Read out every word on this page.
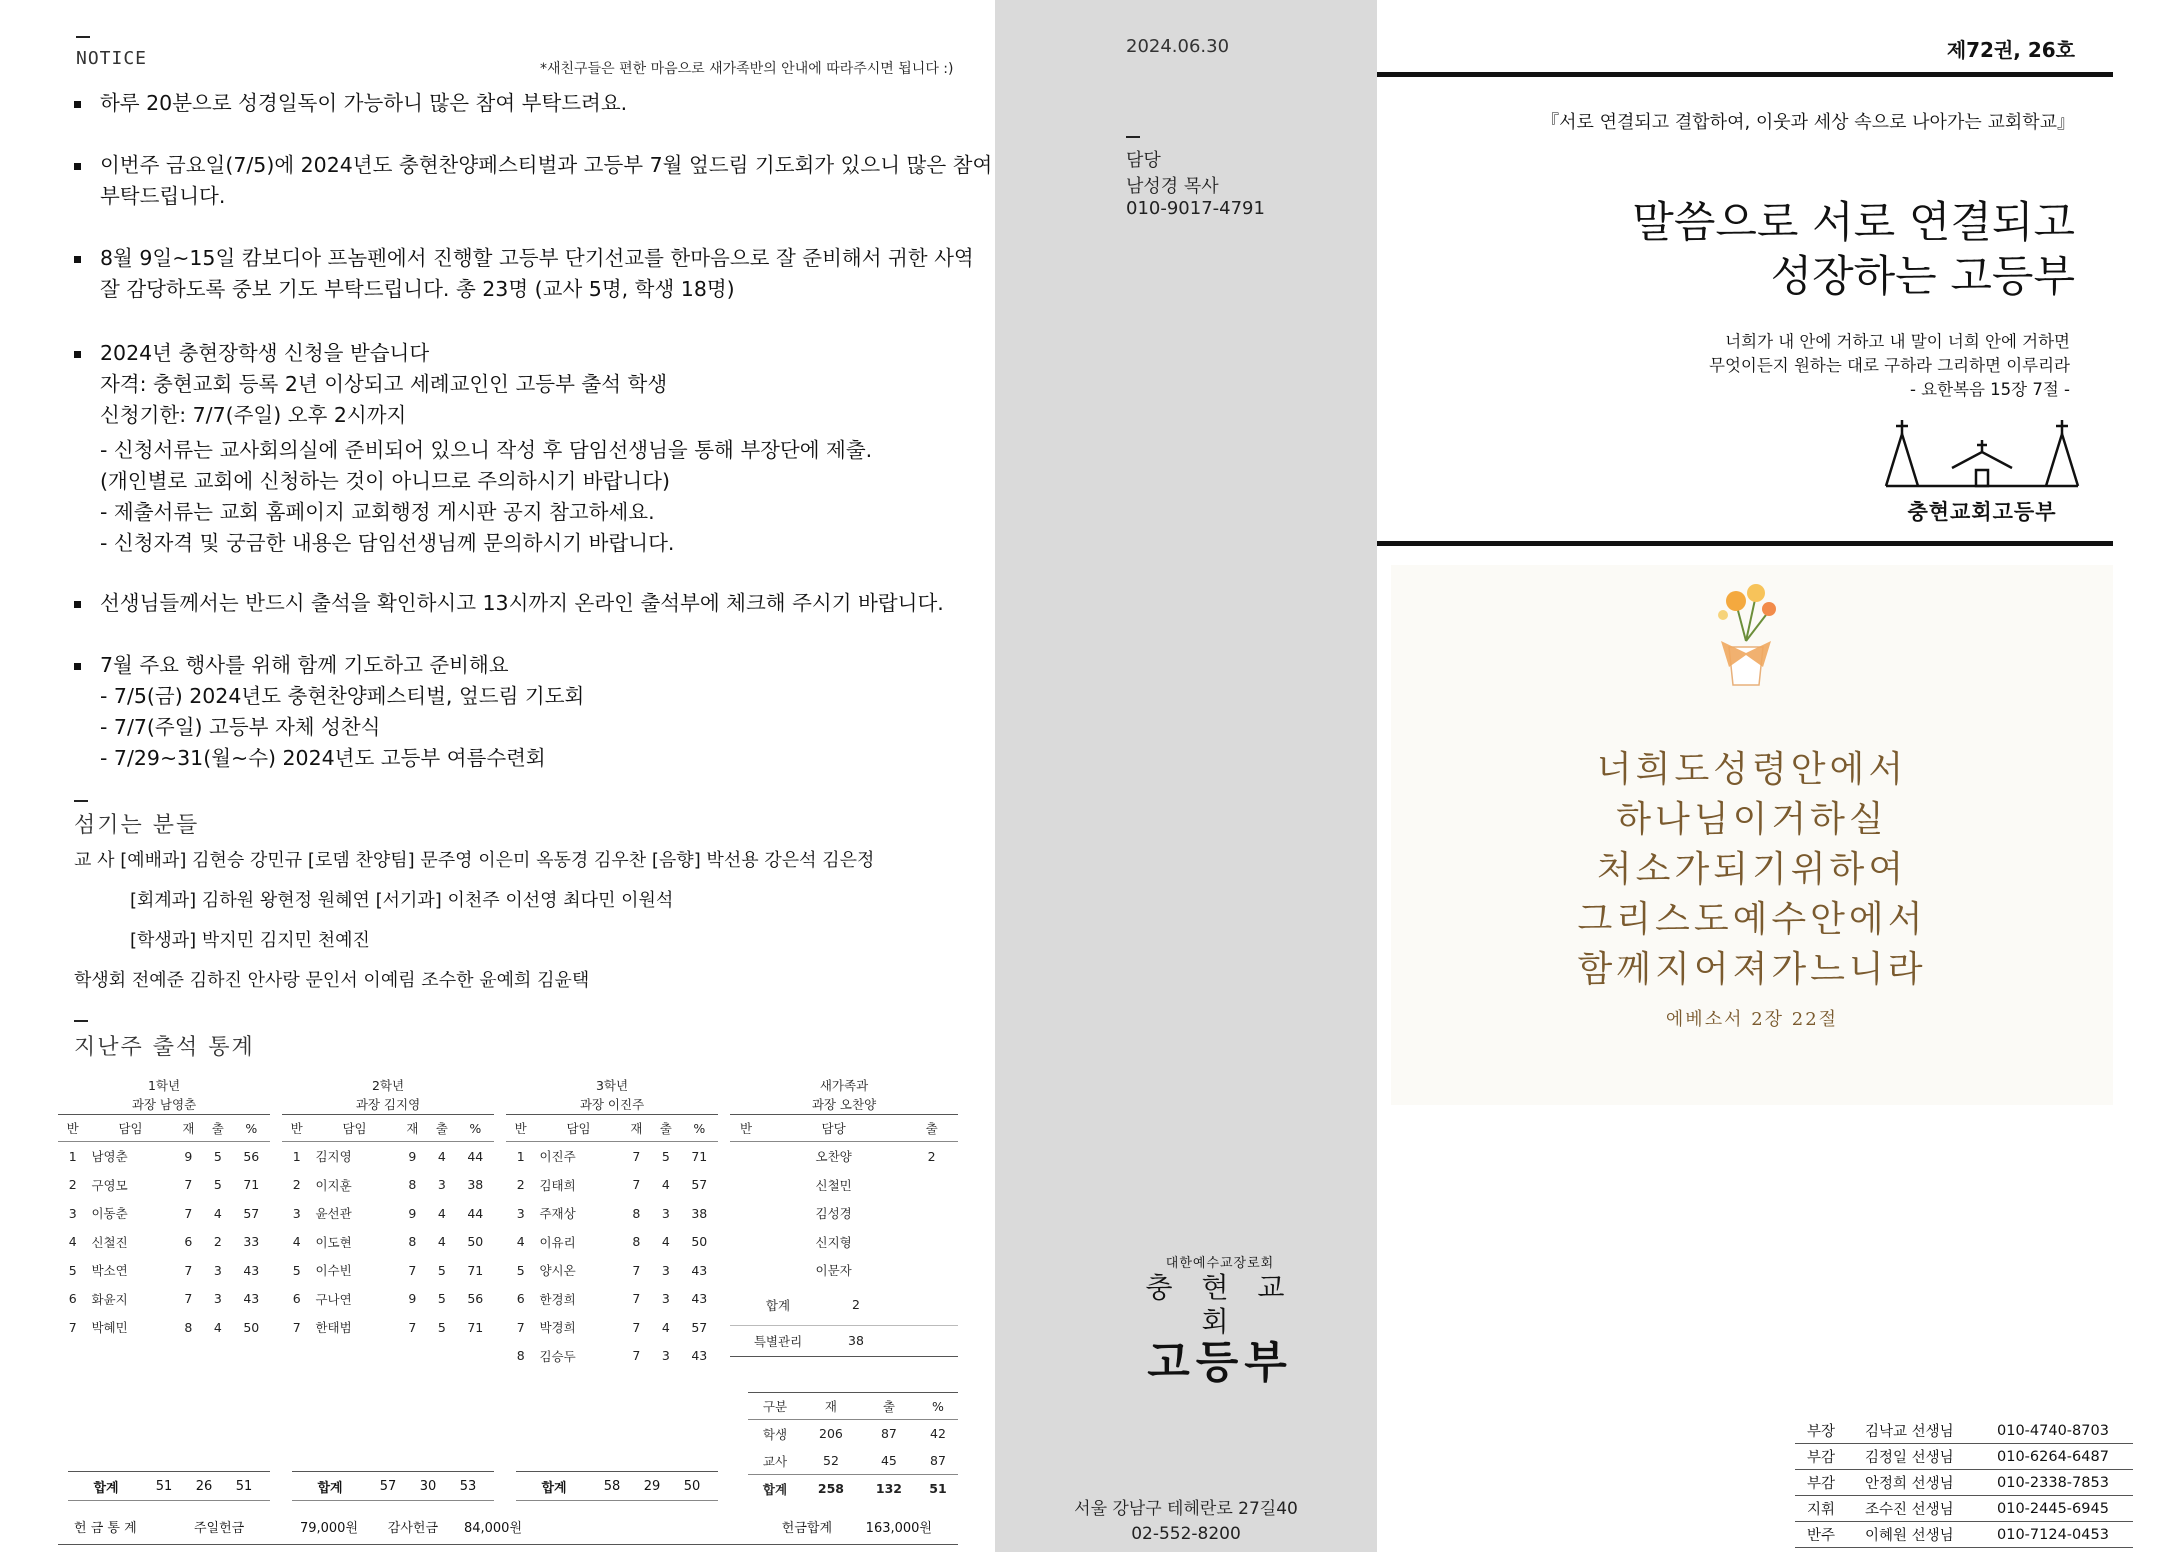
NOTICE	*새친구들은 편한 마음으로 새가족반의 안내에 따라주시면 됩니다 :)
하루 20분으로 성경일독이 가능하니 많은 참여 부탁드려요.
이번주 금요일(7/5)에 2024년도 충현찬양페스티벌과 고등부 7월 엎드림 기도회가 있으니 많은 참여
부탁드립니다.
8월 9일~15일 캄보디아 프놈펜에서 진행할 고등부 단기선교를 한마음으로 잘 준비해서 귀한 사역
잘 감당하도록 중보 기도 부탁드립니다. 총 23명 (교사 5명, 학생 18명)
2024년 충현장학생 신청을 받습니다
자격: 충현교회 등록 2년 이상되고 세례교인인 고등부 출석 학생
신청기한: 7/7(주일) 오후 2시까지
- 신청서류는 교사회의실에 준비되어 있으니 작성 후 담임선생님을 통해 부장단에 제출.
(개인별로 교회에 신청하는 것이 아니므로 주의하시기 바랍니다)
- 제출서류는 교회 홈페이지 교회행정 게시판 공지 참고하세요.
- 신청자격 및 궁금한 내용은 담임선생님께 문의하시기 바랍니다.
선생님들께서는 반드시 출석을 확인하시고 13시까지 온라인 출석부에 체크해 주시기 바랍니다.
7월 주요 행사를 위해 함께 기도하고 준비해요
- 7/5(금) 2024년도 충현찬양페스티벌, 엎드림 기도회
- 7/7(주일) 고등부 자체 성찬식
- 7/29~31(월~수) 2024년도 고등부 여름수련회
섬기는 분들
교 사 [예배과] 김현승 강민규 [로뎀 찬양팀] 문주영 이은미 옥동경 김우찬 [음향] 박선용 강은석 김은정
[회계과] 김하원 왕현정 원혜연 [서기과] 이천주 이선영 최다민 이원석
[학생과] 박지민 김지민 천예진
학생회 전예준 김하진 안사랑 문인서 이예림 조수한 윤예희 김윤택
지난주 출석 통계
1학년
과장 남영춘
반	담임	재	출	%
1	남영춘	9	5	56
2	구영모	7	5	71
3	이동춘	7	4	57
4	신철진	6	2	33
5	박소연	7	3	43
6	화윤지	7	3	43
7	박혜민	8	4	50
2학년
과장 김지영
반	담임	재	출	%
1	김지영	9	4	44
2	이지훈	8	3	38
3	윤선관	9	4	44
4	이도현	8	4	50
5	이수빈	7	5	71
6	구나연	9	5	56
7	한태범	7	5	71
3학년
과장 이진주
반	담임	재	출	%
1	이진주	7	5	71
2	김태희	7	4	57
3	주재상	8	3	38
4	이유리	8	4	50
5	양시온	7	3	43
6	한경희	7	3	43
7	박경희	7	4	57
8	김승두	7	3	43
새가족과
과장 오찬양
반	담당	출
	오찬양	2
	신철민	
	김성경	
	신지형	
	이문자	
합계	2
특별관리	38
구분	재	출	%
학생	206	87	42
교사	52	45	87
합계	258	132	51
합계	51	26	51	합계	57	30	53	합계	58	29	50
헌 금 통 계	주일헌금	79,000원	감사헌금	84,000원	헌금합계	163,000원
2024.06.30
담당
남성경 목사
010-9017-4791
대한예수교장로회
충 현 교 회
고등부
서울 강남구 테헤란로 27길40
02-552-8200
제72권, 26호
『서로 연결되고 결합하여, 이웃과 세상 속으로 나아가는 교회학교』
말씀으로 서로 연결되고
성장하는 고등부
너희가 내 안에 거하고 내 말이 너희 안에 거하면
무엇이든지 원하는 대로 구하라 그리하면 이루리라
- 요한복음 15장 7절 -
충현교회고등부
너희도성령안에서
하나님이거하실
처소가되기위하여
그리스도예수안에서
함께지어져가느니라
에베소서 2장 22절
부장	김낙교 선생님	010-4740-8703
부감	김정일 선생님	010-6264-6487
부감	안정희 선생님	010-2338-7853
지휘	조수진 선생님	010-2445-6945
반주	이혜원 선생님	010-7124-0453
